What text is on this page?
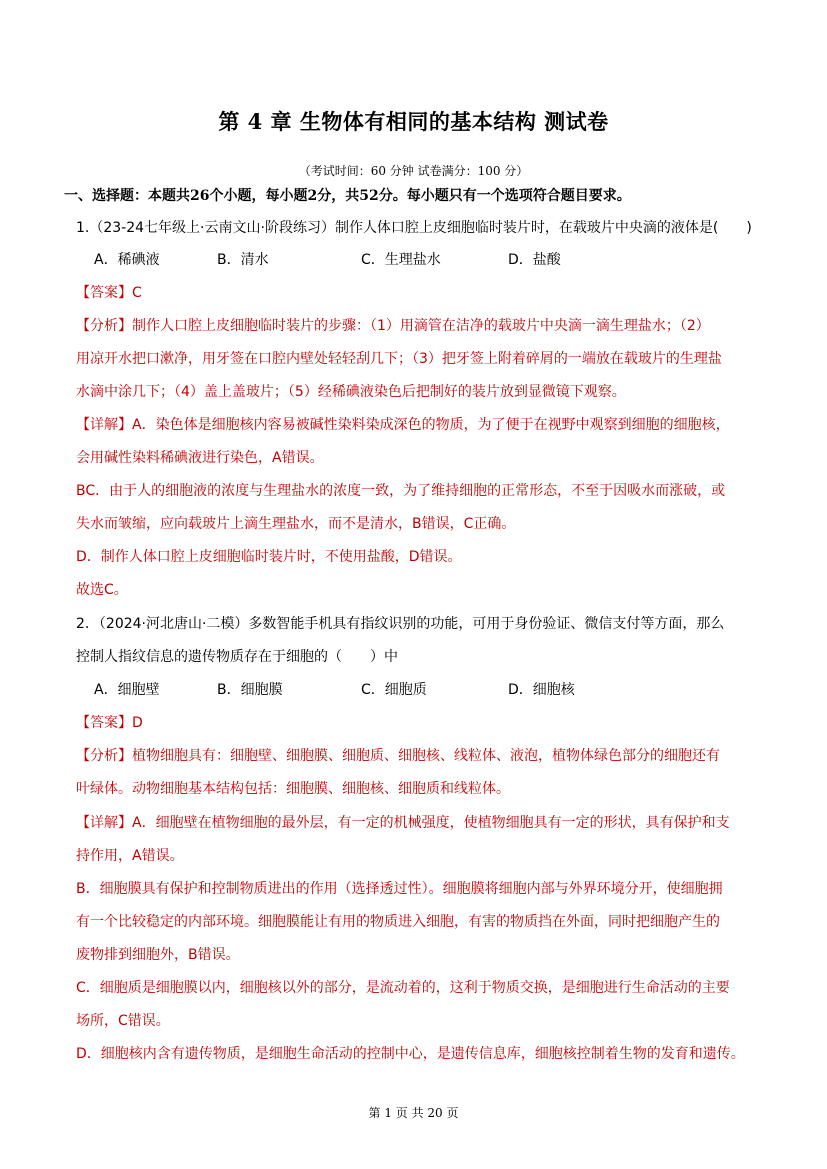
第 4 章 生物体有相同的基本结构 测试卷
（考试时间：60 分钟 试卷满分：100 分）
一、选择题：本题共26个小题，每小题2分，共52分。每小题只有一个选项符合题目要求。
1.（23-24七年级上·云南文山·阶段练习）制作人体口腔上皮细胞临时装片时，在载玻片中央滴的液体是(　　)
A．稀碘液	B．清水	C．生理盐水	D．盐酸
【答案】C
【分析】制作人口腔上皮细胞临时装片的步骤：（1）用滴管在洁净的载玻片中央滴一滴生理盐水；（2）
用凉开水把口漱净，用牙签在口腔内壁处轻轻刮几下；（3）把牙签上附着碎屑的一端放在载玻片的生理盐
水滴中涂几下；（4）盖上盖玻片；（5）经稀碘液染色后把制好的装片放到显微镜下观察。
【详解】A．染色体是细胞核内容易被碱性染料染成深色的物质，为了便于在视野中观察到细胞的细胞核，
会用碱性染料稀碘液进行染色，A错误。
BC．由于人的细胞液的浓度与生理盐水的浓度一致，为了维持细胞的正常形态，不至于因吸水而涨破，或
失水而皱缩，应向载玻片上滴生理盐水，而不是清水，B错误，C正确。
D．制作人体口腔上皮细胞临时装片时，不使用盐酸，D错误。
故选C。
2．（2024·河北唐山·二模）多数智能手机具有指纹识别的功能，可用于身份验证、微信支付等方面，那么
控制人指纹信息的遗传物质存在于细胞的（　　）中
A．细胞壁	B．细胞膜	C．细胞质	D．细胞核
【答案】D
【分析】植物细胞具有：细胞壁、细胞膜、细胞质、细胞核、线粒体、液泡，植物体绿色部分的细胞还有
叶绿体。动物细胞基本结构包括：细胞膜、细胞核、细胞质和线粒体。
【详解】A．细胞壁在植物细胞的最外层，有一定的机械强度，使植物细胞具有一定的形状，具有保护和支
持作用，A错误。
B．细胞膜具有保护和控制物质进出的作用（选择透过性）。细胞膜将细胞内部与外界环境分开，使细胞拥
有一个比较稳定的内部环境。细胞膜能让有用的物质进入细胞，有害的物质挡在外面，同时把细胞产生的
废物排到细胞外，B错误。
C．细胞质是细胞膜以内，细胞核以外的部分，是流动着的，这利于物质交换，是细胞进行生命活动的主要
场所，C错误。
D．细胞核内含有遗传物质，是细胞生命活动的控制中心，是遗传信息库，细胞核控制着生物的发育和遗传。
第 1 页 共 20 页
